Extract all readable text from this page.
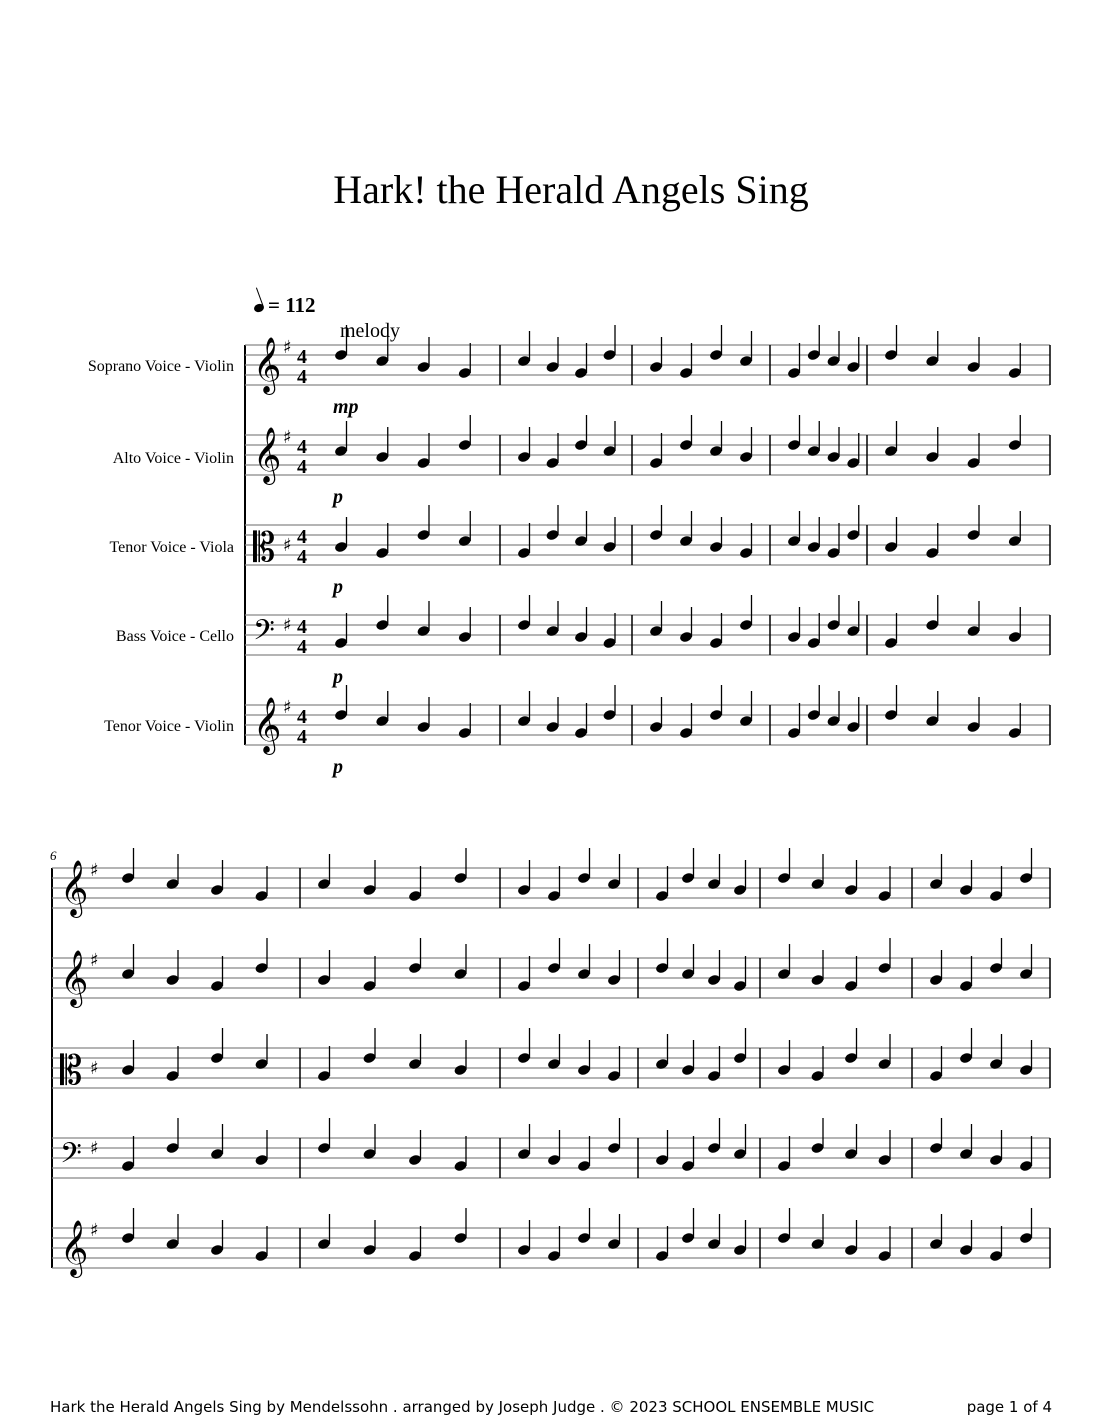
Hark! the Herald Angels Sing
= 112
melody
Soprano Voice - Violin
Alto Voice - Violin
Tenor Voice - Viola
Bass Voice - Cello
Tenor Voice - Violin
6
𝄞 ♯ 4
4
mp
𝄞 ♯ 4
4
p
𝄡 ♯ 4
4
p
𝄢 ♯ 4
4
p
𝄞 ♯ 4
4
p
𝄞 ♯
𝄞 ♯
𝄡 ♯
𝄢 ♯
𝄞 ♯
Hark the Herald Angels Sing by Mendelssohn . arranged by Joseph Judge . © 2023 SCHOOL ENSEMBLE MUSIC	page 1 of 4
